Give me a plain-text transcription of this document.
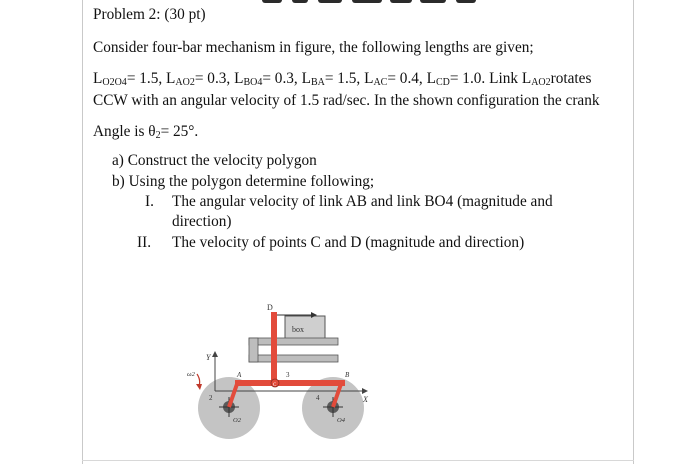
Problem 2: (30 pt)
Consider four-bar mechanism in figure, the following lengths are given;
$L_{O2O4}= 1.5$, $L_{AO2}= 0.3$, $L_{BO4}= 0.3$, $L_{BA}= 1.5$, $L_{AC}= 0.4$, $L_{CD}= 1.0$. Link $L_{AO2}rotates$
CCW with an angular velocity of 1.5 rad/sec. In the shown configuration the crank
Angle is $\theta_2= 25^\circ$.
a) Construct the velocity polygon
b) Using the polygon determine following;
I. The angular velocity of link AB and link BO4 (magnitude and
direction)
II. The velocity of points C and D (magnitude and direction)
box
D
Y
X
A	B
3
2	4
O2	O4
ω2
C
